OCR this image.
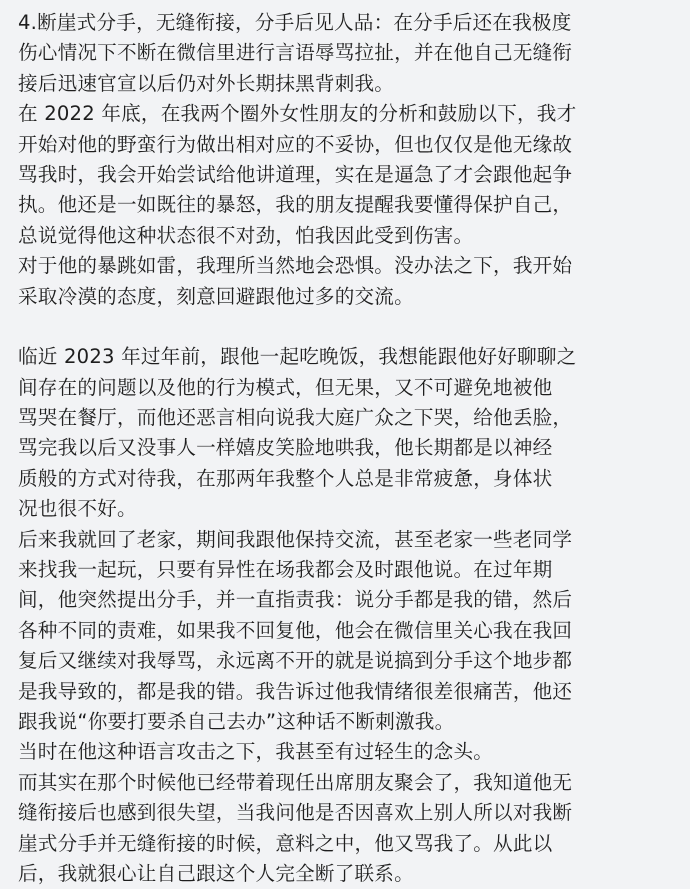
4.断崖式分手，无缝衔接，分手后见人品：在分手后还在我极度
伤心情况下不断在微信里进行言语辱骂拉扯，并在他自己无缝衔
接后迅速官宣以后仍对外长期抹黑背刺我。
在 2022 年底，在我两个圈外女性朋友的分析和鼓励以下，我才
开始对他的野蛮行为做出相对应的不妥协，但也仅仅是他无缘故
骂我时，我会开始尝试给他讲道理，实在是逼急了才会跟他起争
执。他还是一如既往的暴怒，我的朋友提醒我要懂得保护自己，
总说觉得他这种状态很不对劲，怕我因此受到伤害。
对于他的暴跳如雷，我理所当然地会恐惧。没办法之下，我开始
采取冷漠的态度，刻意回避跟他过多的交流。
临近 2023 年过年前，跟他一起吃晚饭，我想能跟他好好聊聊之
间存在的问题以及他的行为模式，但无果，又不可避免地被他
骂哭在餐厅，而他还恶言相向说我大庭广众之下哭，给他丢脸，
骂完我以后又没事人一样嬉皮笑脸地哄我，他长期都是以神经
质般的方式对待我，在那两年我整个人总是非常疲惫，身体状
况也很不好。
后来我就回了老家，期间我跟他保持交流，甚至老家一些老同学
来找我一起玩，只要有异性在场我都会及时跟他说。在过年期
间，他突然提出分手，并一直指责我：说分手都是我的错，然后
各种不同的责难，如果我不回复他，他会在微信里关心我在我回
复后又继续对我辱骂，永远离不开的就是说搞到分手这个地步都
是我导致的，都是我的错。我告诉过他我情绪很差很痛苦，他还
跟我说“你要打要杀自己去办”这种话不断刺激我。
当时在他这种语言攻击之下，我甚至有过轻生的念头。
而其实在那个时候他已经带着现任出席朋友聚会了，我知道他无
缝衔接后也感到很失望，当我问他是否因喜欢上别人所以对我断
崖式分手并无缝衔接的时候，意料之中，他又骂我了。从此以
后，我就狠心让自己跟这个人完全断了联系。
